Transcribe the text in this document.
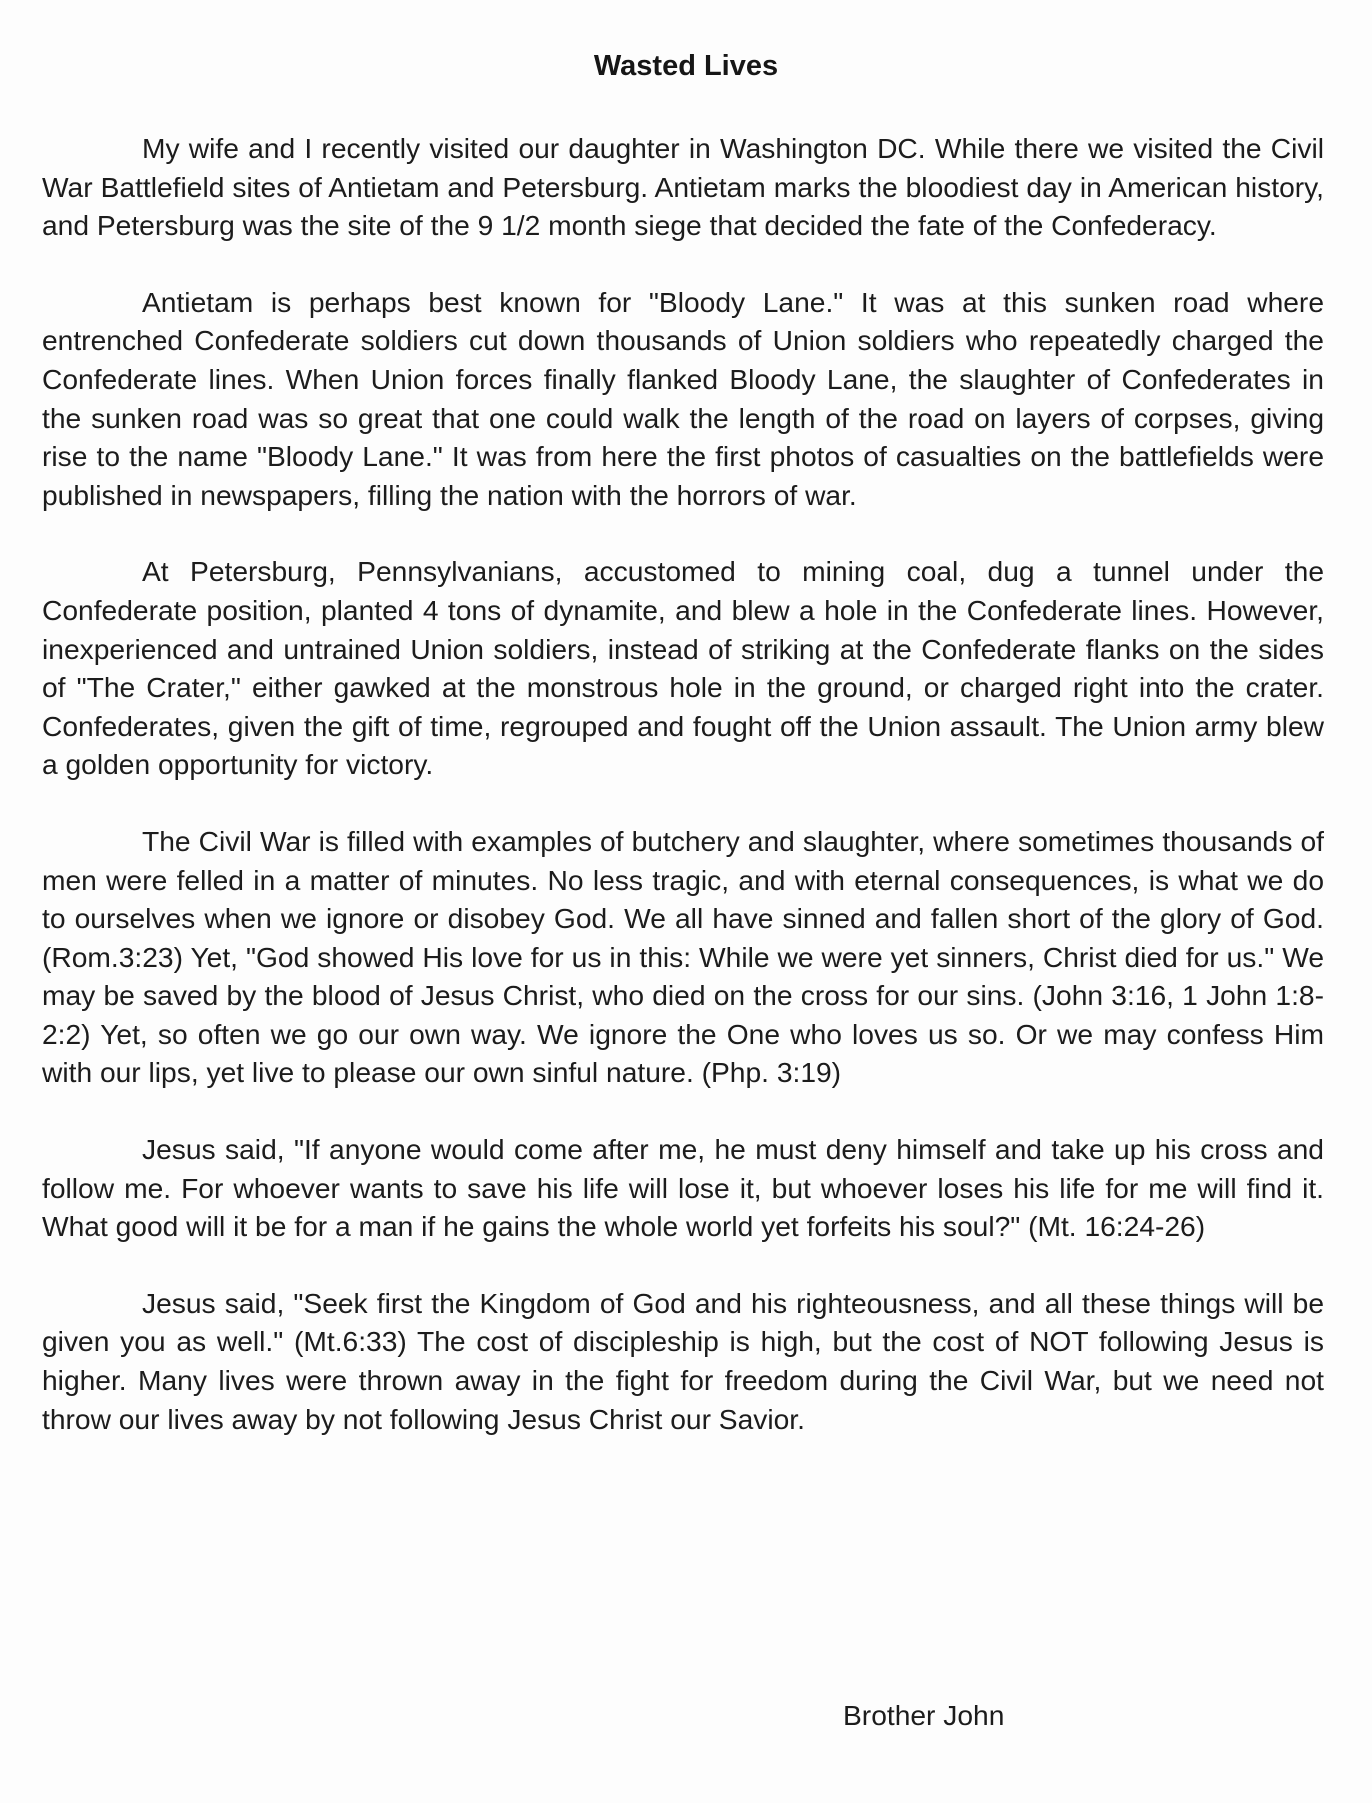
Wasted Lives

My wife and I recently visited our daughter in Washington DC. While there we visited the Civil War Battlefield sites of Antietam and Petersburg. Antietam marks the bloodiest day in American history, and Petersburg was the site of the 9 1/2 month siege that decided the fate of the Confederacy.

Antietam is perhaps best known for "Bloody Lane." It was at this sunken road where entrenched Confederate soldiers cut down thousands of Union soldiers who repeatedly charged the Confederate lines. When Union forces finally flanked Bloody Lane, the slaughter of Confederates in the sunken road was so great that one could walk the length of the road on layers of corpses, giving rise to the name "Bloody Lane." It was from here the first photos of casualties on the battlefields were published in newspapers, filling the nation with the horrors of war.

At Petersburg, Pennsylvanians, accustomed to mining coal, dug a tunnel under the Confederate position, planted 4 tons of dynamite, and blew a hole in the Confederate lines. However, inexperienced and untrained Union soldiers, instead of striking at the Confederate flanks on the sides of "The Crater," either gawked at the monstrous hole in the ground, or charged right into the crater. Confederates, given the gift of time, regrouped and fought off the Union assault. The Union army blew a golden opportunity for victory.

The Civil War is filled with examples of butchery and slaughter, where sometimes thousands of men were felled in a matter of minutes. No less tragic, and with eternal consequences, is what we do to ourselves when we ignore or disobey God. We all have sinned and fallen short of the glory of God. (Rom.3:23) Yet, "God showed His love for us in this: While we were yet sinners, Christ died for us." We may be saved by the blood of Jesus Christ, who died on the cross for our sins. (John 3:16, 1 John 1:8-2:2) Yet, so often we go our own way. We ignore the One who loves us so. Or we may confess Him with our lips, yet live to please our own sinful nature. (Php. 3:19)

Jesus said, "If anyone would come after me, he must deny himself and take up his cross and follow me. For whoever wants to save his life will lose it, but whoever loses his life for me will find it. What good will it be for a man if he gains the whole world yet forfeits his soul?" (Mt. 16:24-26)

Jesus said, "Seek first the Kingdom of God and his righteousness, and all these things will be given you as well." (Mt.6:33) The cost of discipleship is high, but the cost of NOT following Jesus is higher. Many lives were thrown away in the fight for freedom during the Civil War, but we need not throw our lives away by not following Jesus Christ our Savior.

Brother John
